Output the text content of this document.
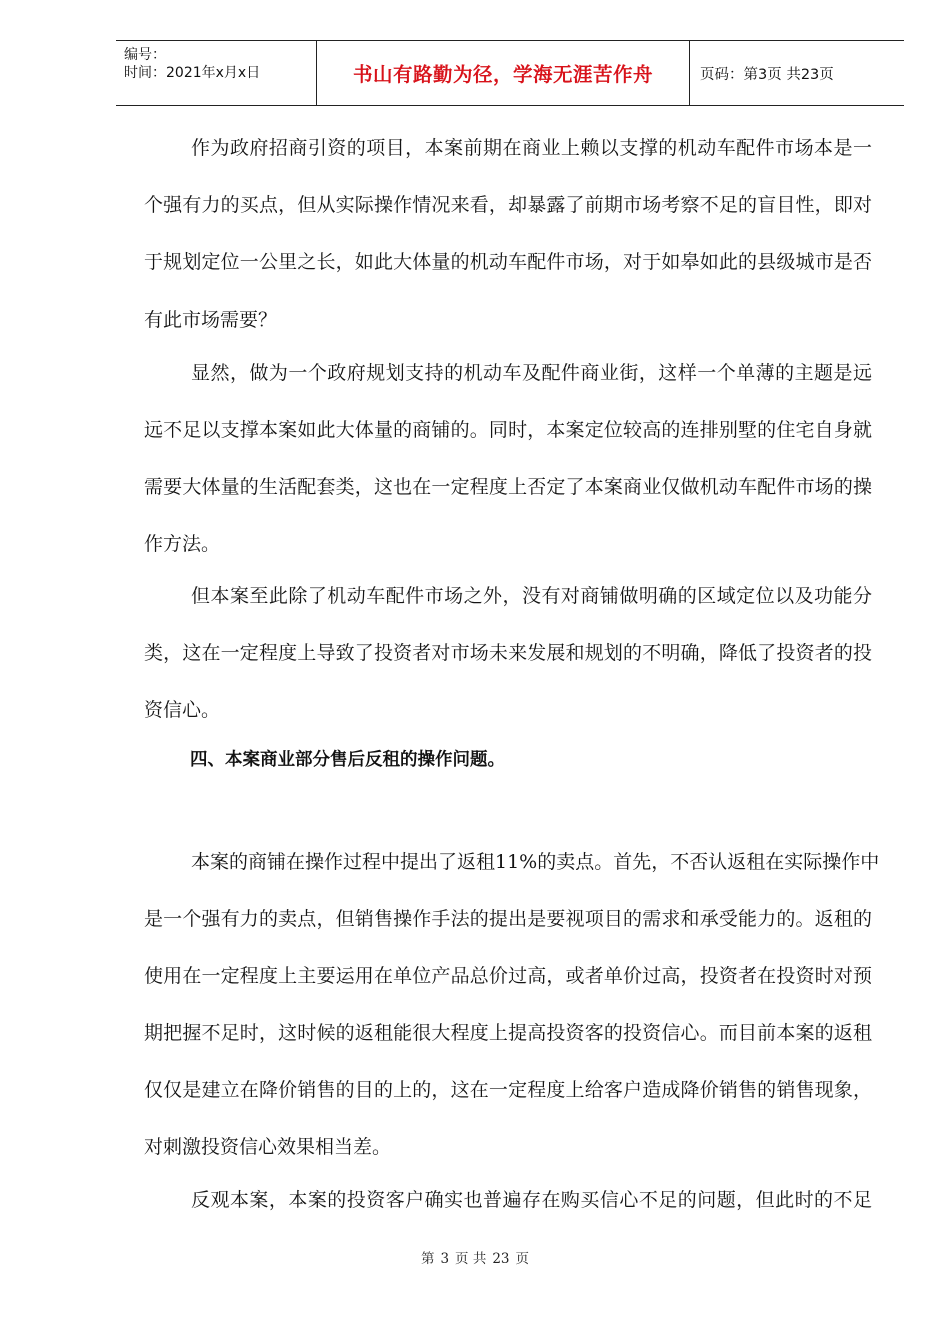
编号：
时间：2021年x月x日	书山有路勤为径，学海无涯苦作舟	页码：第3页 共23页
作为政府招商引资的项目，本案前期在商业上赖以支撑的机动车配件市场本是一
个强有力的买点，但从实际操作情况来看，却暴露了前期市场考察不足的盲目性，即对
于规划定位一公里之长，如此大体量的机动车配件市场，对于如皋如此的县级城市是否
有此市场需要？
显然，做为一个政府规划支持的机动车及配件商业街，这样一个单薄的主题是远
远不足以支撑本案如此大体量的商铺的。同时，本案定位较高的连排别墅的住宅自身就
需要大体量的生活配套类，这也在一定程度上否定了本案商业仅做机动车配件市场的操
作方法。
但本案至此除了机动车配件市场之外，没有对商铺做明确的区域定位以及功能分
类，这在一定程度上导致了投资者对市场未来发展和规划的不明确，降低了投资者的投
资信心。
四、本案商业部分售后反租的操作问题。
本案的商铺在操作过程中提出了返租11%的卖点。首先，不否认返租在实际操作中
是一个强有力的卖点，但销售操作手法的提出是要视项目的需求和承受能力的。返租的
使用在一定程度上主要运用在单位产品总价过高，或者单价过高，投资者在投资时对预
期把握不足时，这时候的返租能很大程度上提高投资客的投资信心。而目前本案的返租
仅仅是建立在降价销售的目的上的，这在一定程度上给客户造成降价销售的销售现象，
对刺激投资信心效果相当差。
反观本案，本案的投资客户确实也普遍存在购买信心不足的问题，但此时的不足
第 3 页 共 23 页
